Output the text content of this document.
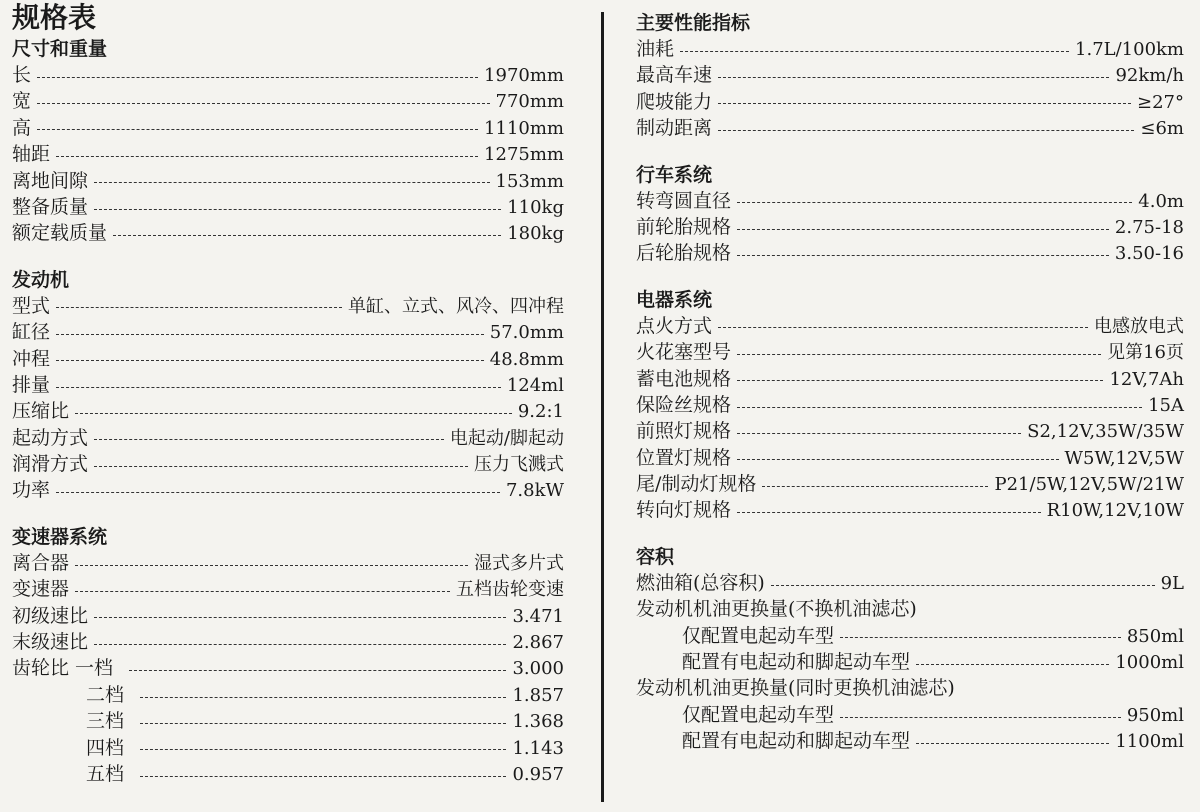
规格表
尺寸和重量
长	1970mm
宽	770mm
高	1110mm
轴距	1275mm
离地间隙	153mm
整备质量	110kg
额定载质量	180kg
发动机
型式	单缸、立式、风冷、四冲程
缸径	57.0mm
冲程	48.8mm
排量	124ml
压缩比	9.2:1
起动方式	电起动/脚起动
润滑方式	压力飞溅式
功率	7.8kW
变速器系统
离合器	湿式多片式
变速器	五档齿轮变速
初级速比	3.471
末级速比	2.867
齿轮比 一档	3.000
二档	1.857
三档	1.368
四档	1.143
五档	0.957
主要性能指标
油耗	1.7L/100km
最高车速	92km/h
爬坡能力	≥27°
制动距离	≤6m
行车系统
转弯圆直径	4.0m
前轮胎规格	2.75-18
后轮胎规格	3.50-16
电器系统
点火方式	电感放电式
火花塞型号	见第16页
蓄电池规格	12V,7Ah
保险丝规格	15A
前照灯规格	S2,12V,35W/35W
位置灯规格	W5W,12V,5W
尾/制动灯规格	P21/5W,12V,5W/21W
转向灯规格	R10W,12V,10W
容积
燃油箱(总容积)	9L
发动机机油更换量(不换机油滤芯)
仅配置电起动车型	850ml
配置有电起动和脚起动车型	1000ml
发动机机油更换量(同时更换机油滤芯)
仅配置电起动车型	950ml
配置有电起动和脚起动车型	1100ml
